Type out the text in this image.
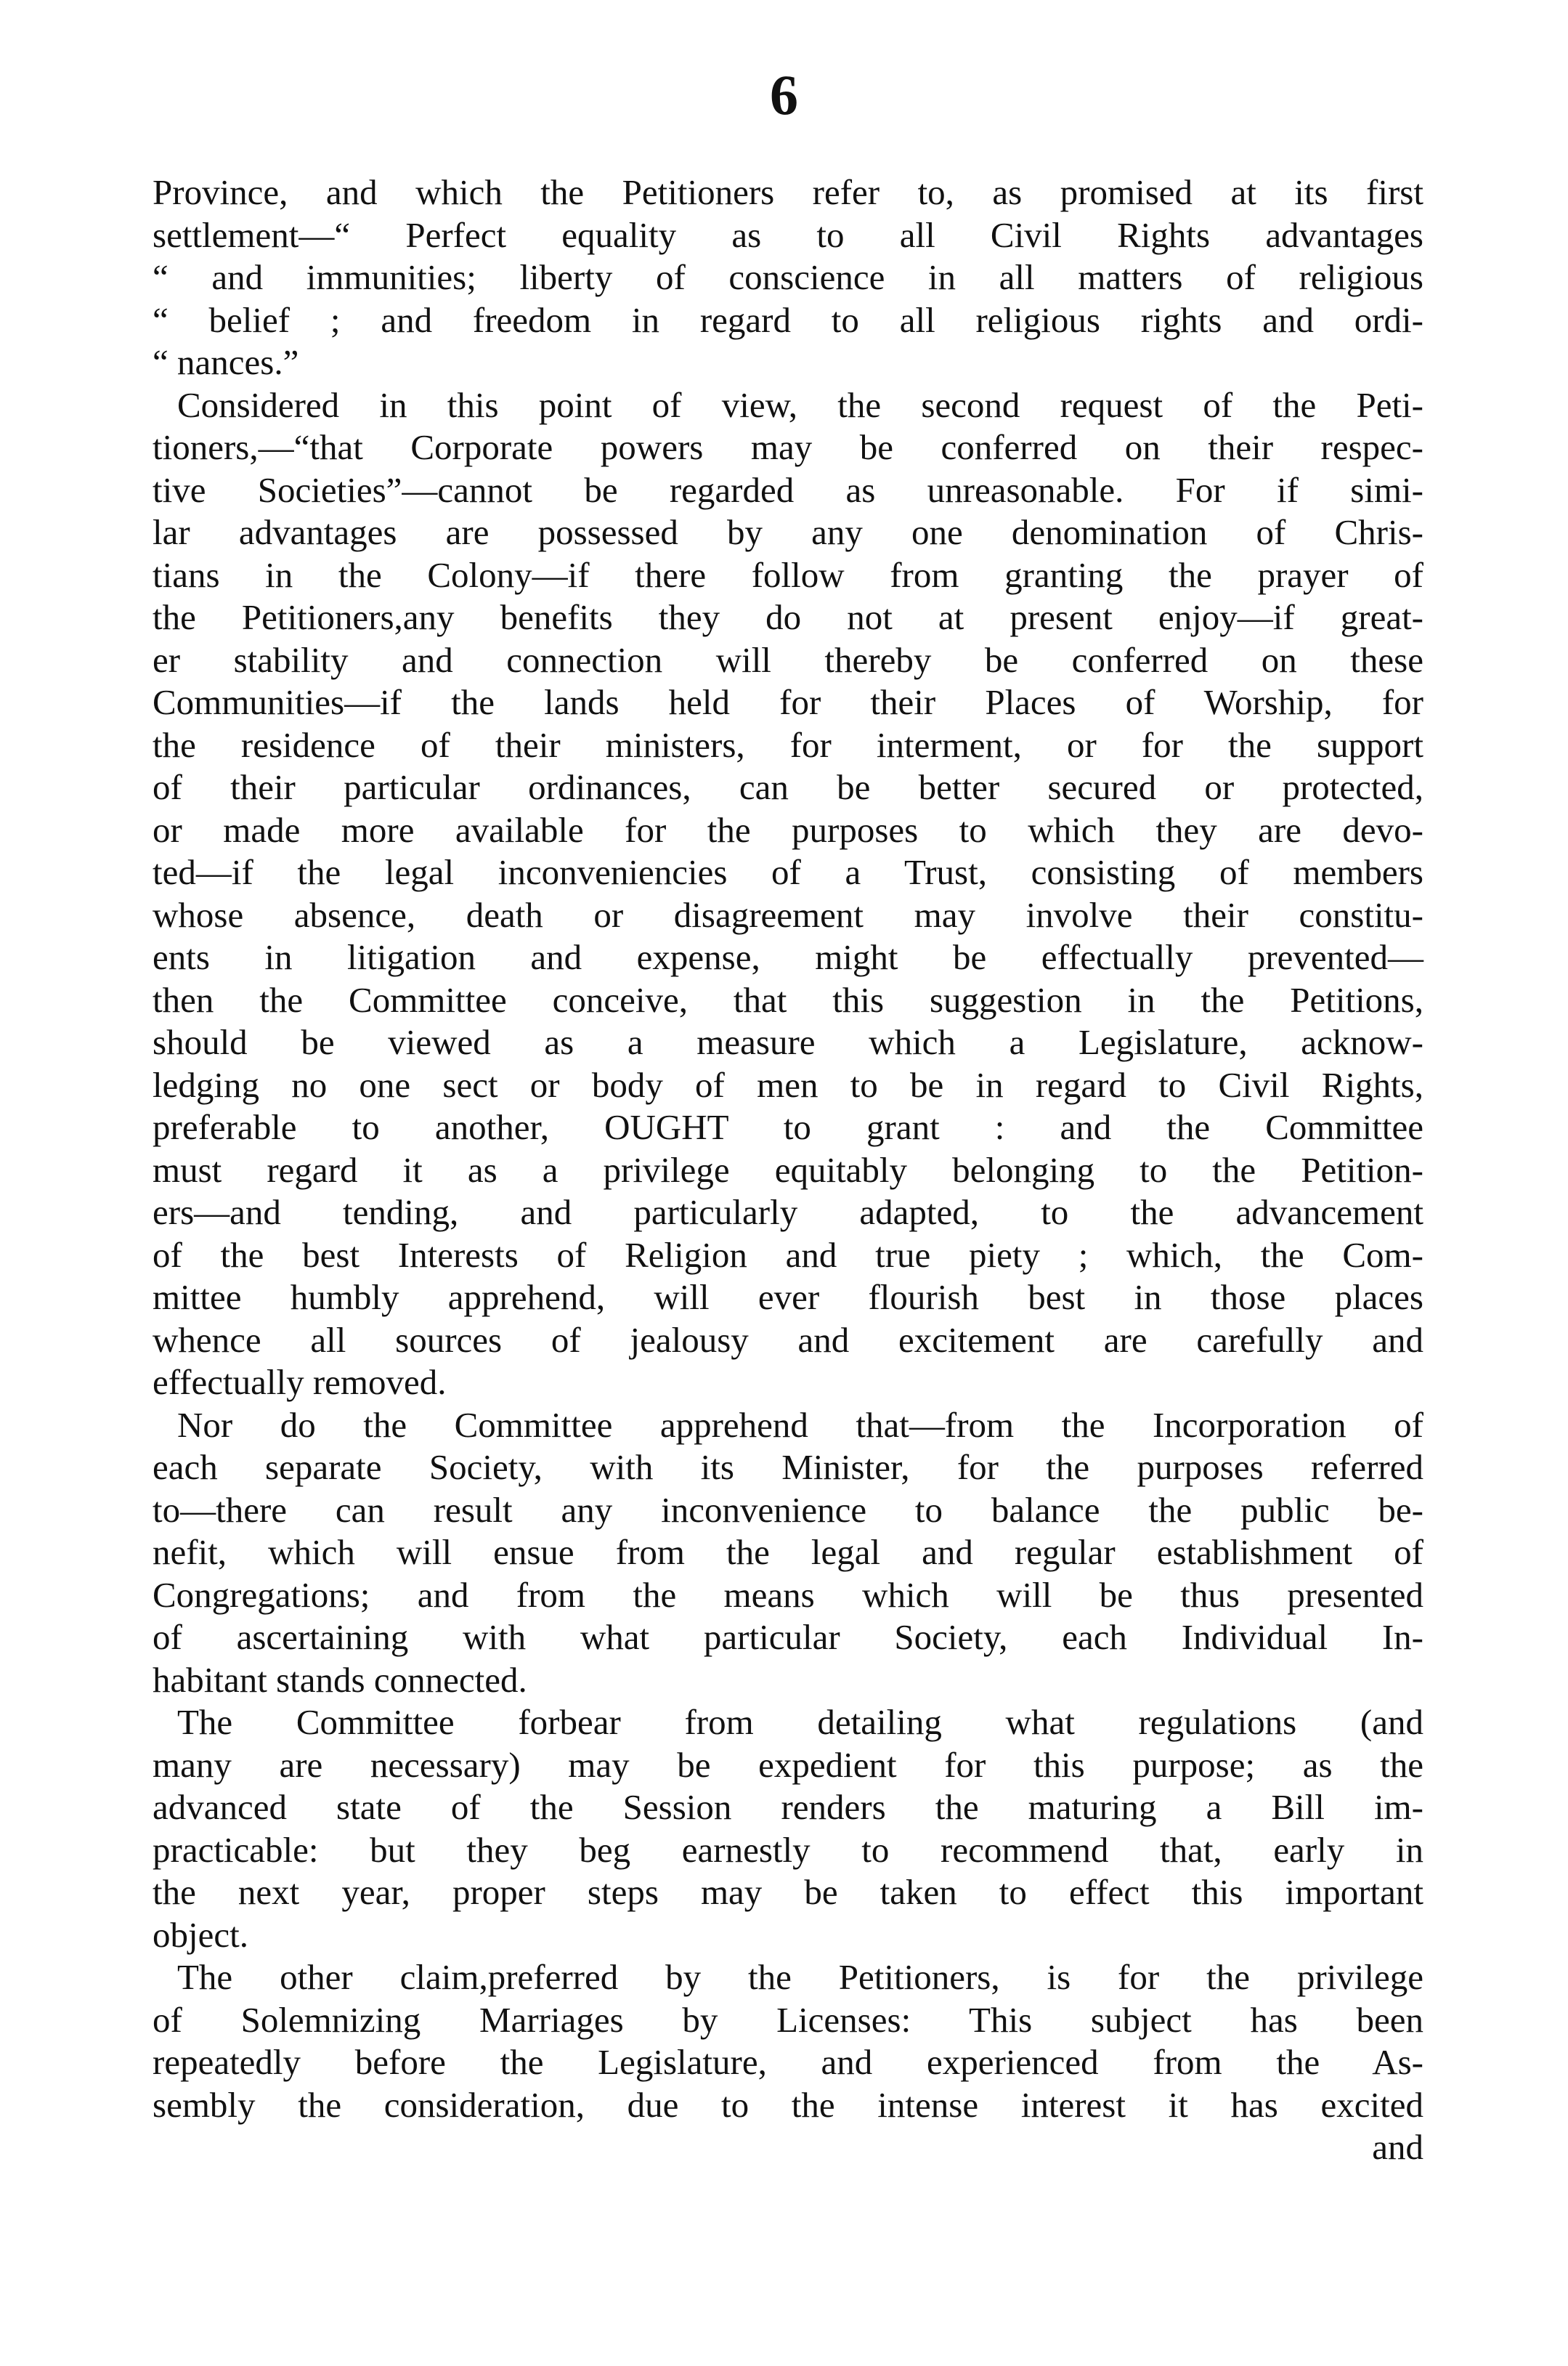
6
Province, and which the Petitioners refer to, as promised at its first
settlement—“ Perfect equality as to all Civil Rights advantages
“ and immunities; liberty of conscience in all matters of religious
“ belief ; and freedom in regard to all religious rights and ordi-
“ nances.”
Considered in this point of view, the second request of the Peti-
tioners,—“that Corporate powers may be conferred on their respec-
tive Societies”—cannot be regarded as unreasonable. For if simi-
lar advantages are possessed by any one denomination of Chris-
tians in the Colony—if there follow from granting the prayer of
the Petitioners,any benefits they do not at present enjoy—if great-
er stability and connection will thereby be conferred on these
Communities—if the lands held for their Places of Worship, for
the residence of their ministers, for interment, or for the support
of their particular ordinances, can be better secured or protected,
or made more available for the purposes to which they are devo-
ted—if the legal inconveniencies of a Trust, consisting of members
whose absence, death or disagreement may involve their constitu-
ents in litigation and expense, might be effectually prevented—
then the Committee conceive, that this suggestion in the Petitions,
should be viewed as a measure which a Legislature, acknow-
ledging no one sect or body of men to be in regard to Civil Rights,
preferable to another, OUGHT to grant : and the Committee
must regard it as a privilege equitably belonging to the Petition-
ers—and tending, and particularly adapted, to the advancement
of the best Interests of Religion and true piety ; which, the Com-
mittee humbly apprehend, will ever flourish best in those places
whence all sources of jealousy and excitement are carefully and
effectually removed.
Nor do the Committee apprehend that—from the Incorporation of
each separate Society, with its Minister, for the purposes referred
to—there can result any inconvenience to balance the public be-
nefit, which will ensue from the legal and regular establishment of
Congregations; and from the means which will be thus presented
of ascertaining with what particular Society, each Individual In-
habitant stands connected.
The Committee forbear from detailing what regulations (and
many are necessary) may be expedient for this purpose; as the
advanced state of the Session renders the maturing a Bill im-
practicable: but they beg earnestly to recommend that, early in
the next year, proper steps may be taken to effect this important
object.
The other claim,preferred by the Petitioners, is for the privilege
of Solemnizing Marriages by Licenses: This subject has been
repeatedly before the Legislature, and experienced from the As-
sembly the consideration, due to the intense interest it has excited
and
